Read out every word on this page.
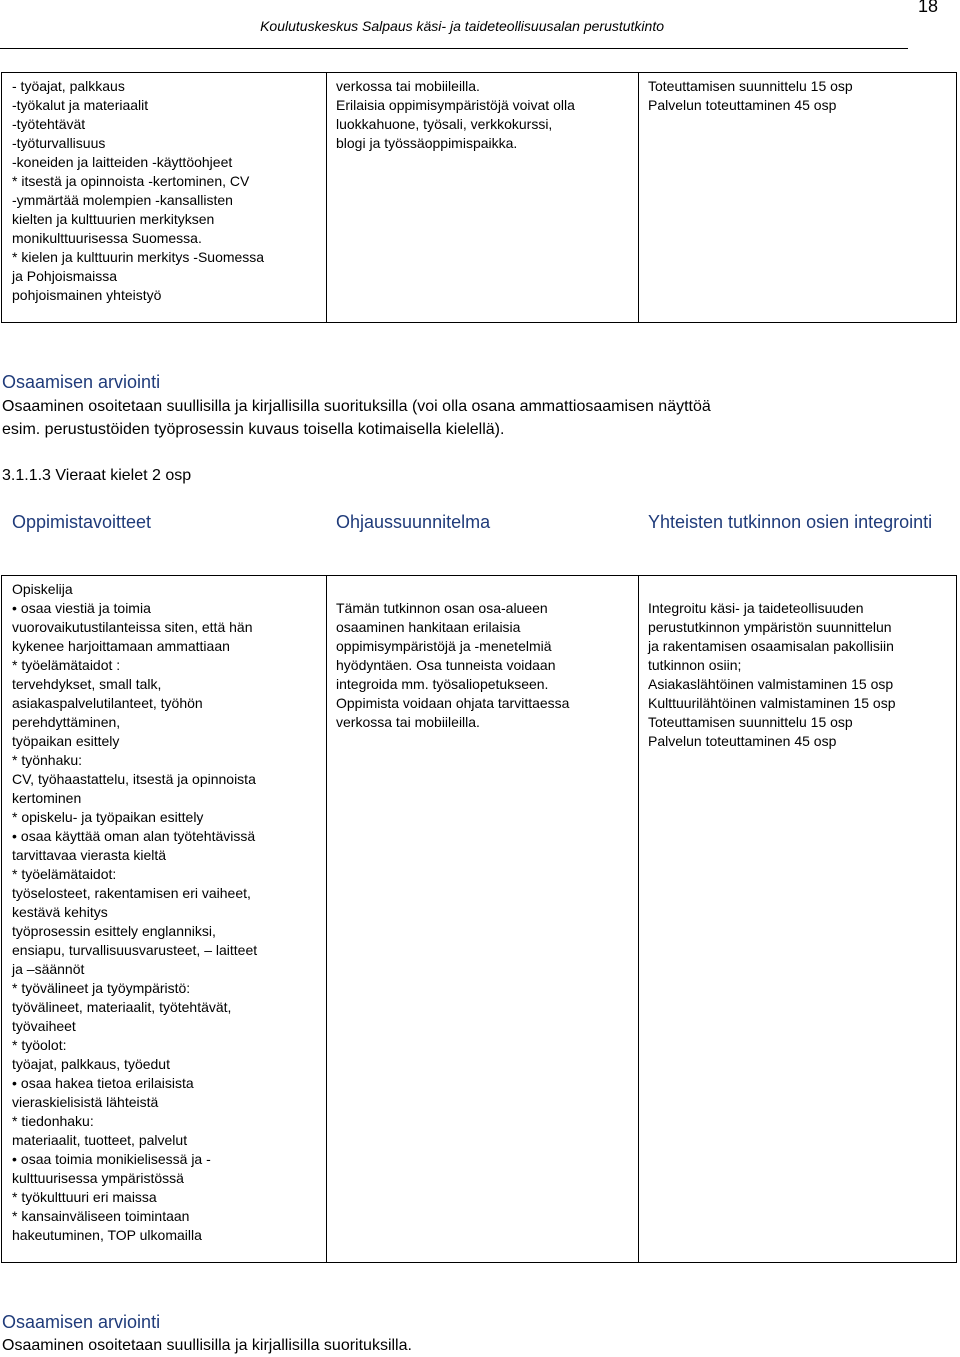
18
Koulutuskeskus Salpaus käsi- ja taideteollisuusalan perustutkinto
- työajat, palkkaus
-työkalut ja materiaalit
-työtehtävät
-työturvallisuus
-koneiden ja laitteiden -käyttöohjeet
* itsestä ja opinnoista -kertominen, CV
-ymmärtää molempien -kansallisten
kielten ja kulttuurien merkityksen
monikulttuurisessa Suomessa.
* kielen ja kulttuurin merkitys -Suomessa
ja Pohjoismaissa
pohjoismainen yhteistyö
verkossa tai mobiileilla.
Erilaisia oppimisympäristöjä voivat olla
luokkahuone, työsali, verkkokurssi,
blogi ja työssäoppimispaikka.
Toteuttamisen suunnittelu 15 osp
Palvelun toteuttaminen 45 osp
Osaamisen arviointi
Osaaminen osoitetaan suullisilla ja kirjallisilla suorituksilla (voi olla osana ammattiosaamisen näyttöä
esim. perustustöiden työprosessin kuvaus toisella kotimaisella kielellä).
3.1.1.3 Vieraat kielet 2 osp
Oppimistavoitteet	Ohjaussuunnitelma	Yhteisten tutkinnon osien integrointi
Opiskelija
• osaa viestiä ja toimia
vuorovaikutustilanteissa siten, että hän
kykenee harjoittamaan ammattiaan
* työelämätaidot :
tervehdykset, small talk,
asiakaspalvelutilanteet, työhön
perehdyttäminen,
työpaikan esittely
* työnhaku:
CV, työhaastattelu, itsestä ja opinnoista
kertominen
* opiskelu- ja työpaikan esittely
• osaa käyttää oman alan työtehtävissä
tarvittavaa vierasta kieltä
* työelämätaidot:
työselosteet, rakentamisen eri vaiheet,
kestävä kehitys
työprosessin esittely englanniksi,
ensiapu, turvallisuusvarusteet, – laitteet
ja –säännöt
* työvälineet ja työympäristö:
työvälineet, materiaalit, työtehtävät,
työvaiheet
* työolot:
työajat, palkkaus, työedut
• osaa hakea tietoa erilaisista
vieraskielisistä lähteistä
* tiedonhaku:
materiaalit, tuotteet, palvelut
• osaa toimia monikielisessä ja -
kulttuurisessa ympäristössä
* työkulttuuri eri maissa
* kansainväliseen toimintaan
hakeutuminen, TOP ulkomailla
Tämän tutkinnon osan osa-alueen
osaaminen hankitaan erilaisia
oppimisympäristöjä ja -menetelmiä
hyödyntäen. Osa tunneista voidaan
integroida mm. työsaliopetukseen.
Oppimista voidaan ohjata tarvittaessa
verkossa tai mobiileilla.
Integroitu käsi- ja taideteollisuuden
perustutkinnon ympäristön suunnittelun
ja rakentamisen osaamisalan pakollisiin
tutkinnon osiin;
Asiakaslähtöinen valmistaminen 15 osp
Kulttuurilähtöinen valmistaminen 15 osp
Toteuttamisen suunnittelu 15 osp
Palvelun toteuttaminen 45 osp
Osaamisen arviointi
Osaaminen osoitetaan suullisilla ja kirjallisilla suorituksilla.
